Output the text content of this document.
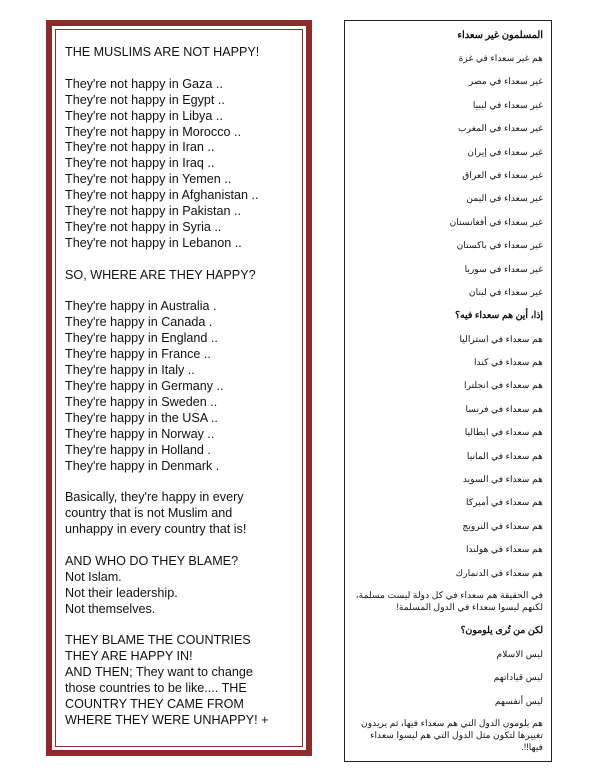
THE MUSLIMS ARE NOT HAPPY!
They're not happy in Gaza ..
They're not happy in Egypt ..
They're not happy in Libya ..
They're not happy in Morocco ..
They're not happy in Iran ..
They're not happy in Iraq ..
They're not happy in Yemen ..
They're not happy in Afghanistan ..
They're not happy in Pakistan ..
They're not happy in Syria ..
They're not happy in Lebanon ..
SO, WHERE ARE THEY HAPPY?
They're happy in Australia .
They're happy in Canada .
They're happy in England ..
They're happy in France ..
They're happy in Italy ..
They're happy in Germany ..
They're happy in Sweden ..
They're happy in the USA ..
They're happy in Norway ..
They're happy in Holland .
They're happy in Denmark .
Basically, they're happy in every
country that is not Muslim and
unhappy in every country that is!
AND WHO DO THEY BLAME?
Not Islam.
Not their leadership.
Not themselves.
THEY BLAME THE COUNTRIES
THEY ARE HAPPY IN!
AND THEN; They want to change
those countries to be like.... THE
COUNTRY THEY CAME FROM
WHERE THEY WERE UNHAPPY! +
المسلمون غير سعداء
هم غير سعداء في غزة
غير سعداء في مصر
غير سعداء في ليبيا
غير سعداء في المغرب
غير سعداء في إيران
غير سعداء في العراق
غير سعداء في اليمن
غير سعداء في أفغانستان
غير سعداء في باكستان
غير سعداء في سوريا
غير سعداء في لبنان
إذا، أين هم سعداء فيه؟
هم سعداء في استراليا
هم سعداء في كندا
هم سعداء في انجلترا
هم سعداء في فرنسا
هم سعداء في ايطاليا
هم سعداء في المانيا
هم سعداء في السويد
هم سعداء في أميركا
هم سعداء في النرويج
هم سعداء في هولندا
هم سعداء في الدنمارك
في الحقيقة هم سعداء في كل دولة ليست مسلمة، لكنهم ليسوا سعداء في الدول المسلمة!
لكن من تُرى يلومون؟
ليس الاسلام
ليس قياداتهم
ليس أنفسهم
هم يلومون الدول التي هم سعداء فيها، ثم يريدون تغييرها لتكون مثل الدول التي هم ليسوا سعداء فيها!!.
